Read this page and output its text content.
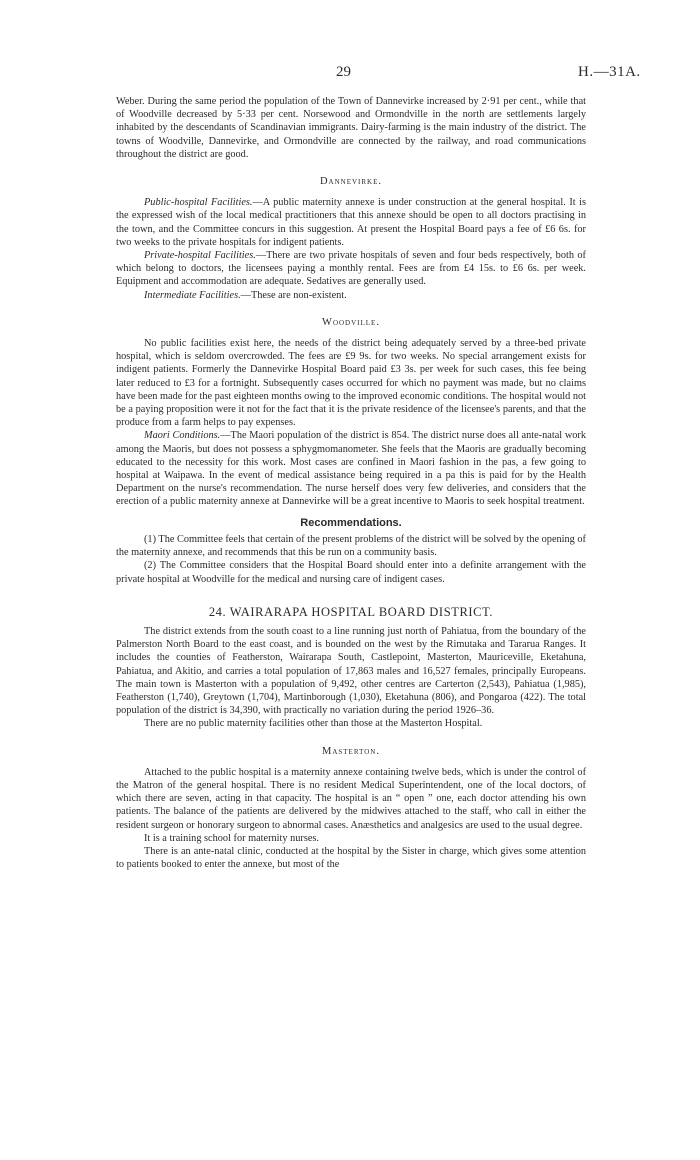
29	H.—31A.

Weber. During the same period the population of the Town of Dannevirke increased by 2·91 per cent., while that of Woodville decreased by 5·33 per cent. Norsewood and Ormondville in the north are settlements largely inhabited by the descendants of Scandinavian immigrants. Dairy-farming is the main industry of the district. The towns of Woodville, Dannevirke, and Ormondville are connected by the railway, and road communications throughout the district are good.

Dannevirke.

Public-hospital Facilities.—A public maternity annexe is under construction at the general hospital. It is the expressed wish of the local medical practitioners that this annexe should be open to all doctors practising in the town, and the Committee concurs in this suggestion. At present the Hospital Board pays a fee of £6 6s. for two weeks to the private hospitals for indigent patients.

Private-hospital Facilities.—There are two private hospitals of seven and four beds respectively, both of which belong to doctors, the licensees paying a monthly rental. Fees are from £4 15s. to £6 6s. per week. Equipment and accommodation are adequate. Sedatives are generally used.

Intermediate Facilities.—These are non-existent.

Woodville.

No public facilities exist here, the needs of the district being adequately served by a three-bed private hospital, which is seldom overcrowded. The fees are £9 9s. for two weeks. No special arrangement exists for indigent patients. Formerly the Dannevirke Hospital Board paid £3 3s. per week for such cases, this fee being later reduced to £3 for a fortnight. Subsequently cases occurred for which no payment was made, but no claims have been made for the past eighteen months owing to the improved economic conditions. The hospital would not be a paying proposition were it not for the fact that it is the private residence of the licensee's parents, and that the produce from a farm helps to pay expenses.

Maori Conditions.—The Maori population of the district is 854. The district nurse does all ante-natal work among the Maoris, but does not possess a sphygmomanometer. She feels that the Maoris are gradually becoming educated to the necessity for this work. Most cases are confined in Maori fashion in the pas, a few going to hospital at Waipawa. In the event of medical assistance being required in a pa this is paid for by the Health Department on the nurse's recommendation. The nurse herself does very few deliveries, and considers that the erection of a public maternity annexe at Dannevirke will be a great incentive to Maoris to seek hospital treatment.

Recommendations.

(1) The Committee feels that certain of the present problems of the district will be solved by the opening of the maternity annexe, and recommends that this be run on a community basis.

(2) The Committee considers that the Hospital Board should enter into a definite arrangement with the private hospital at Woodville for the medical and nursing care of indigent cases.

24. WAIRARAPA HOSPITAL BOARD DISTRICT.

The district extends from the south coast to a line running just north of Pahiatua, from the boundary of the Palmerston North Board to the east coast, and is bounded on the west by the Rimutaka and Tararua Ranges. It includes the counties of Featherston, Wairarapa South, Castlepoint, Masterton, Mauriceville, Eketahuna, Pahiatua, and Akitio, and carries a total population of 17,863 males and 16,527 females, principally Europeans. The main town is Masterton with a population of 9,492, other centres are Carterton (2,543), Pahiatua (1,985), Featherston (1,740), Greytown (1,704), Martinborough (1,030), Eketahuna (806), and Pongaroa (422). The total population of the district is 34,390, with practically no variation during the period 1926–36.

There are no public maternity facilities other than those at the Masterton Hospital.

Masterton.

Attached to the public hospital is a maternity annexe containing twelve beds, which is under the control of the Matron of the general hospital. There is no resident Medical Superintendent, one of the local doctors, of which there are seven, acting in that capacity. The hospital is an “ open ” one, each doctor attending his own patients. The balance of the patients are delivered by the midwives attached to the staff, who call in either the resident surgeon or honorary surgeon to abnormal cases. Anæsthetics and analgesics are used to the usual degree.

It is a training school for maternity nurses.

There is an ante-natal clinic, conducted at the hospital by the Sister in charge, which gives some attention to patients booked to enter the annexe, but most of the
